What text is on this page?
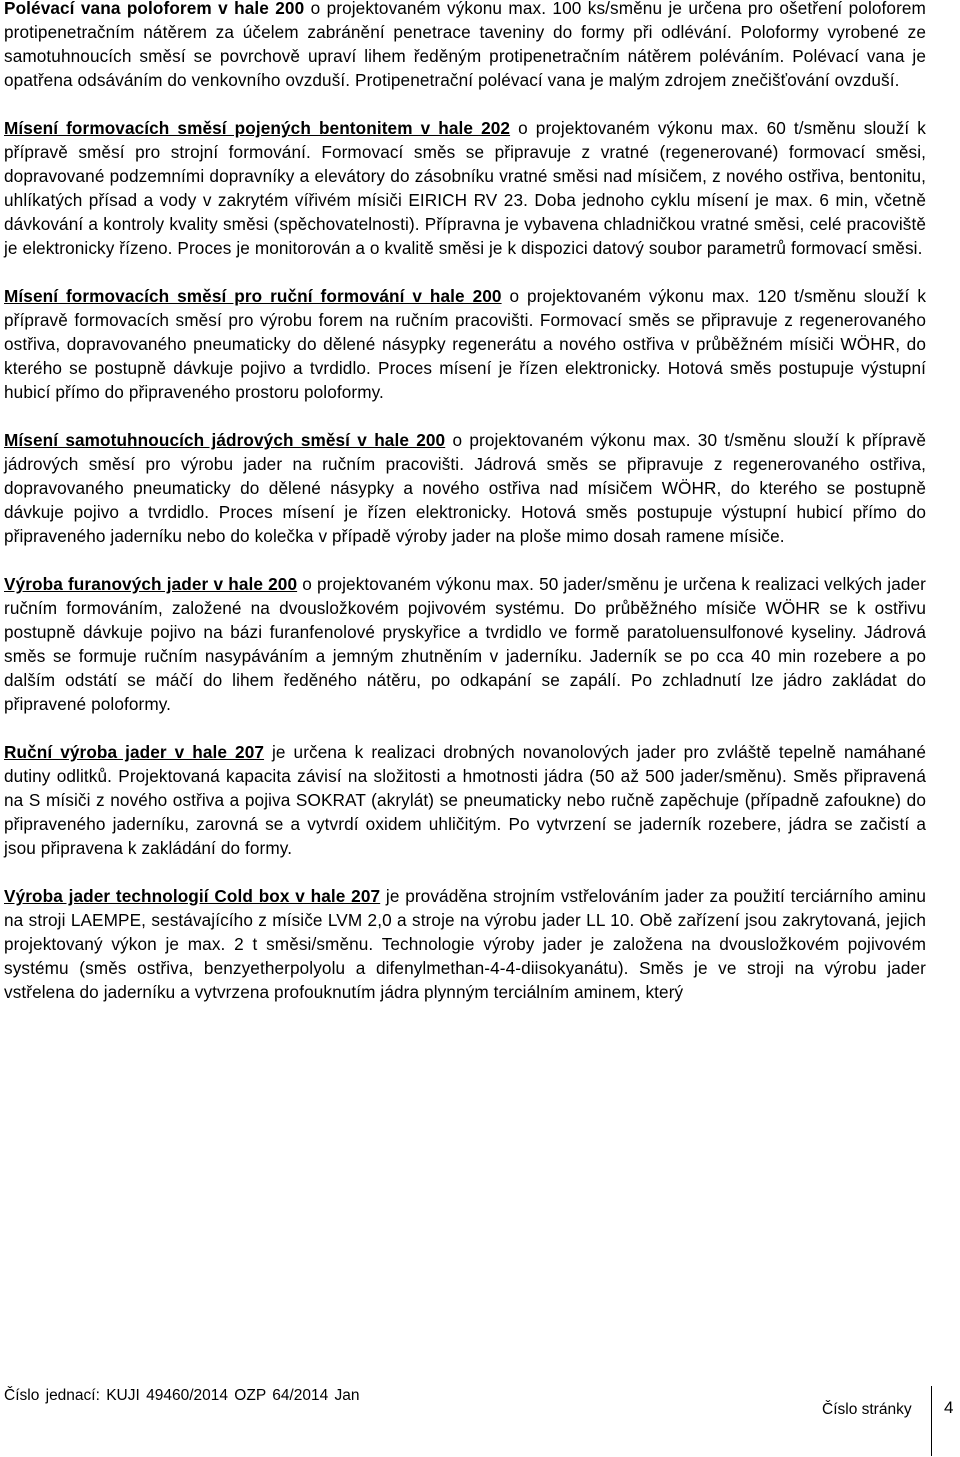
Polévací vana poloforem v hale 200 o projektovaném výkonu max. 100 ks/směnu je určena pro ošetření poloforem protipenetračním nátěrem za účelem zabránění penetrace taveniny do formy při odlévání. Poloformy vyrobené ze samotuhnoucích směsí se povrchově upraví lihem ředěným protipenetračním nátěrem poléváním. Polévací vana je opatřena odsáváním do venkovního ovzduší. Protipenetrační polévací vana je malým zdrojem znečišťování ovzduší.

Mísení formovacích směsí pojených bentonitem v hale 202 o projektovaném výkonu max. 60 t/směnu slouží k přípravě směsí pro strojní formování. Formovací směs se připravuje z vratné (regenerované) formovací směsi, dopravované podzemními dopravníky a elevátory do zásobníku vratné směsi nad mísičem, z nového ostřiva, bentonitu, uhlíkatých přísad a vody v zakrytém vířivém mísiči EIRICH RV 23. Doba jednoho cyklu mísení je max. 6 min, včetně dávkování a kontroly kvality směsi (spěchovatelnosti). Přípravna je vybavena chladničkou vratné směsi, celé pracoviště je elektronicky řízeno. Proces je monitorován a o kvalitě směsi je k dispozici datový soubor parametrů formovací směsi.

Mísení formovacích směsí pro ruční formování v hale 200 o projektovaném výkonu max. 120 t/směnu slouží k přípravě formovacích směsí pro výrobu forem na ručním pracovišti. Formovací směs se připravuje z regenerovaného ostřiva, dopravovaného pneumaticky do dělené násypky regenerátu a nového ostřiva v průběžném mísiči WÖHR, do kterého se postupně dávkuje pojivo a tvrdidlo. Proces mísení je řízen elektronicky. Hotová směs postupuje výstupní hubicí přímo do připraveného prostoru poloformy.

Mísení samotuhnoucích jádrových směsí v hale 200 o projektovaném výkonu max. 30 t/směnu slouží k přípravě jádrových směsí pro výrobu jader na ručním pracovišti. Jádrová směs se připravuje z regenerovaného ostřiva, dopravovaného pneumaticky do dělené násypky a nového ostřiva nad mísičem WÖHR, do kterého se postupně dávkuje pojivo a tvrdidlo. Proces mísení je řízen elektronicky. Hotová směs postupuje výstupní hubicí přímo do připraveného jaderníku nebo do kolečka v případě výroby jader na ploše mimo dosah ramene mísiče.

Výroba furanových jader v hale 200 o projektovaném výkonu max. 50 jader/směnu je určena k realizaci velkých jader ručním formováním, založené na dvousložkovém pojivovém systému. Do průběžného mísiče WÖHR se k ostřivu postupně dávkuje pojivo na bázi furanfenolové pryskyřice a tvrdidlo ve formě paratoluensulfonové kyseliny. Jádrová směs se formuje ručním nasypáváním a jemným zhutněním v jaderníku. Jaderník se po cca 40 min rozebere a po dalším odstátí se máčí do lihem ředěného nátěru, po odkapání se zapálí. Po zchladnutí lze jádro zakládat do připravené poloformy.

Ruční výroba jader v hale 207 je určena k realizaci drobných novanolových jader pro zvláště tepelně namáhané dutiny odlitků. Projektovaná kapacita závisí na složitosti a hmotnosti jádra (50 až 500 jader/směnu). Směs připravená na S mísiči z nového ostřiva a pojiva SOKRAT (akrylát) se pneumaticky nebo ručně zapěchuje (případně zafoukne) do připraveného jaderníku, zarovná se a vytvrdí oxidem uhličitým. Po vytvrzení se jaderník rozebere, jádra se začistí a jsou připravena k zakládání do formy.

Výroba jader technologií Cold box v hale 207 je prováděna strojním vstřelováním jader za použití terciárního aminu na stroji LAEMPE, sestávajícího z mísiče LVM 2,0 a stroje na výrobu jader LL 10. Obě zařízení jsou zakrytovaná, jejich projektovaný výkon je max. 2 t směsi/směnu. Technologie výroby jader je založena na dvousložkovém pojivovém systému (směs ostřiva, benzyetherpolyolu a difenylmethan-4-4-diisokyanátu). Směs je ve stroji na výrobu jader vstřelena do jaderníku a vytvrzena profouknutím jádra plynným terciálním aminem, který

Číslo jednací: KUJI 49460/2014 OZP 64/2014 Jan
Číslo stránky 4
